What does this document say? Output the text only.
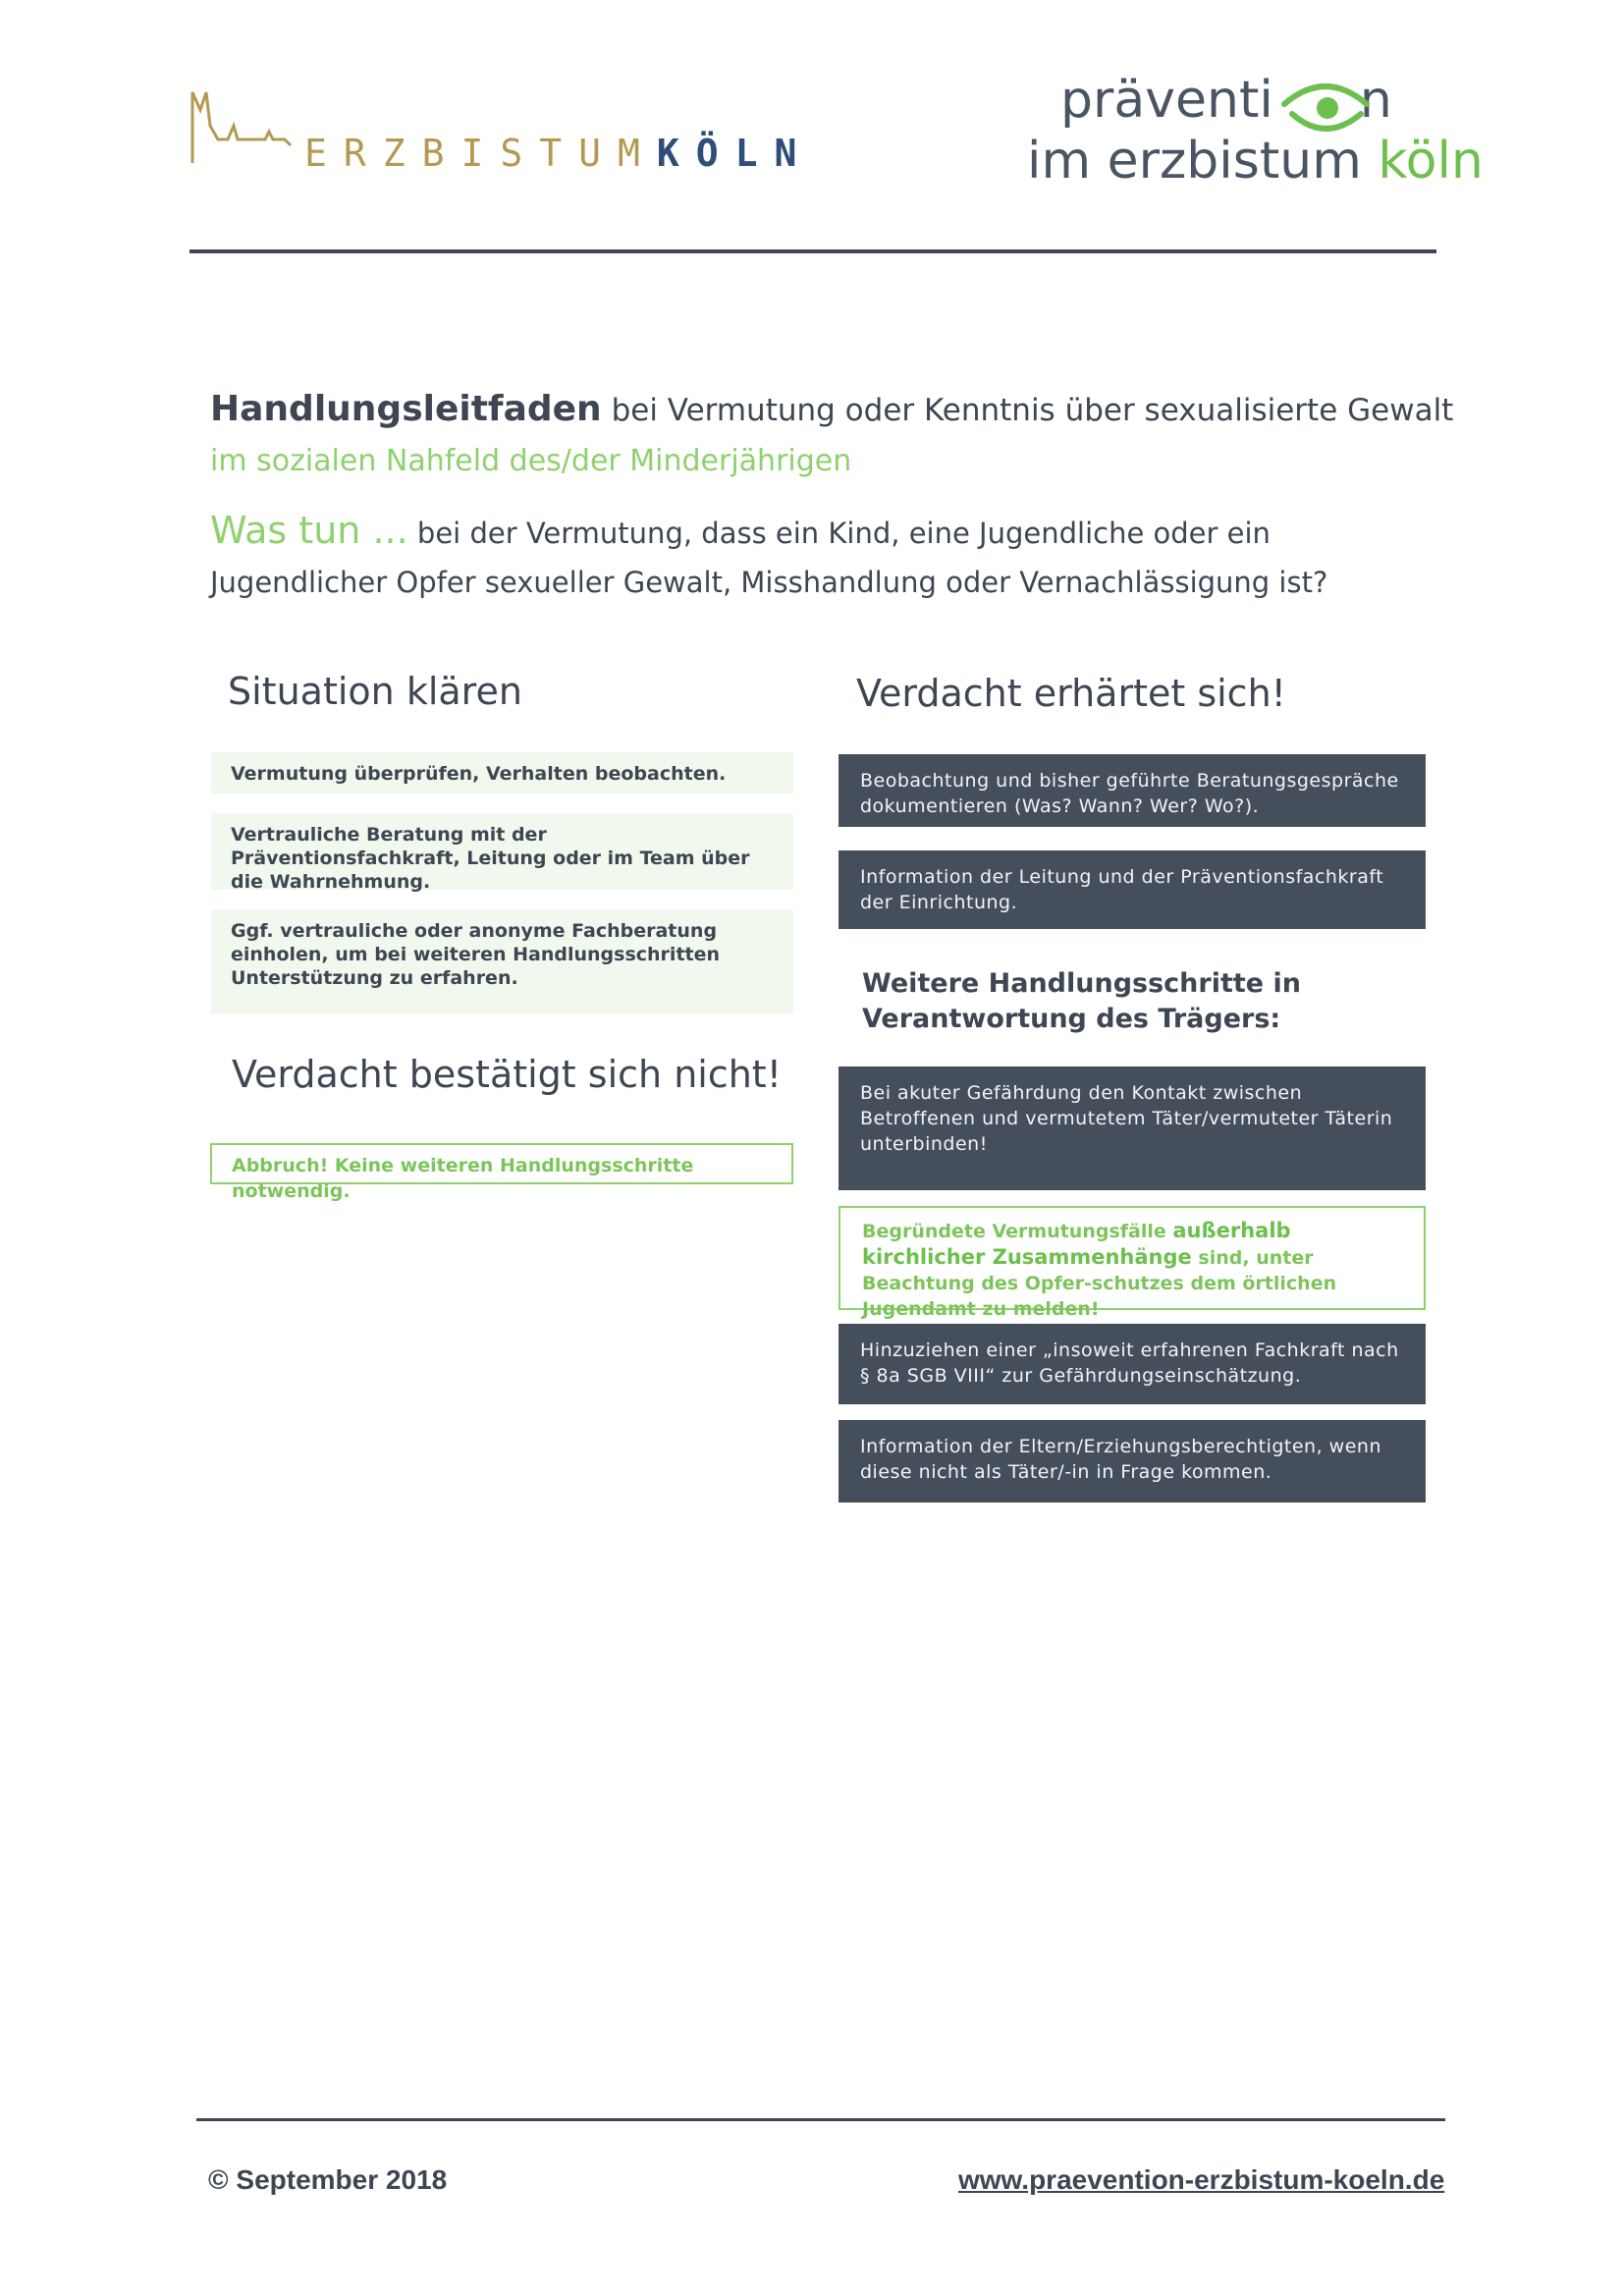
ERZBISTUMKÖLN
präventi n
im erzbistum köln
Handlungsleitfaden bei Vermutung oder Kenntnis über sexualisierte Gewalt
im sozialen Nahfeld des/der Minderjährigen
Was tun ... bei der Vermutung, dass ein Kind, eine Jugendliche oder ein
Jugendlicher Opfer sexueller Gewalt, Misshandlung oder Vernachlässigung ist?
Situation klären
Vermutung überprüfen, Verhalten beobachten.
Vertrauliche Beratung mit der Präventionsfachkraft, Leitung oder im Team über die Wahrnehmung.
Ggf. vertrauliche oder anonyme Fachberatung einholen, um bei weiteren Handlungsschritten Unterstützung zu erfahren.
Verdacht bestätigt sich nicht!
Abbruch! Keine weiteren Handlungsschritte notwendig.
Verdacht erhärtet sich!
Beobachtung und bisher geführte Beratungsgespräche dokumentieren (Was? Wann? Wer? Wo?).
Information der Leitung und der Präventionsfachkraft der Einrichtung.
Weitere Handlungsschritte in
Verantwortung des Trägers:
Bei akuter Gefährdung den Kontakt zwischen Betroffenen und vermutetem Täter/vermuteter Täterin unterbinden!
Begründete Vermutungsfälle außerhalb kirchlicher Zusammenhänge sind, unter Beachtung des Opfer-schutzes dem örtlichen Jugendamt zu melden!
Hinzuziehen einer „insoweit erfahrenen Fachkraft nach § 8a SGB VIII“ zur Gefährdungseinschätzung.
Information der Eltern/Erziehungsberechtigten, wenn diese nicht als Täter/-in in Frage kommen.
© September 2018	www.praevention-erzbistum-koeln.de
